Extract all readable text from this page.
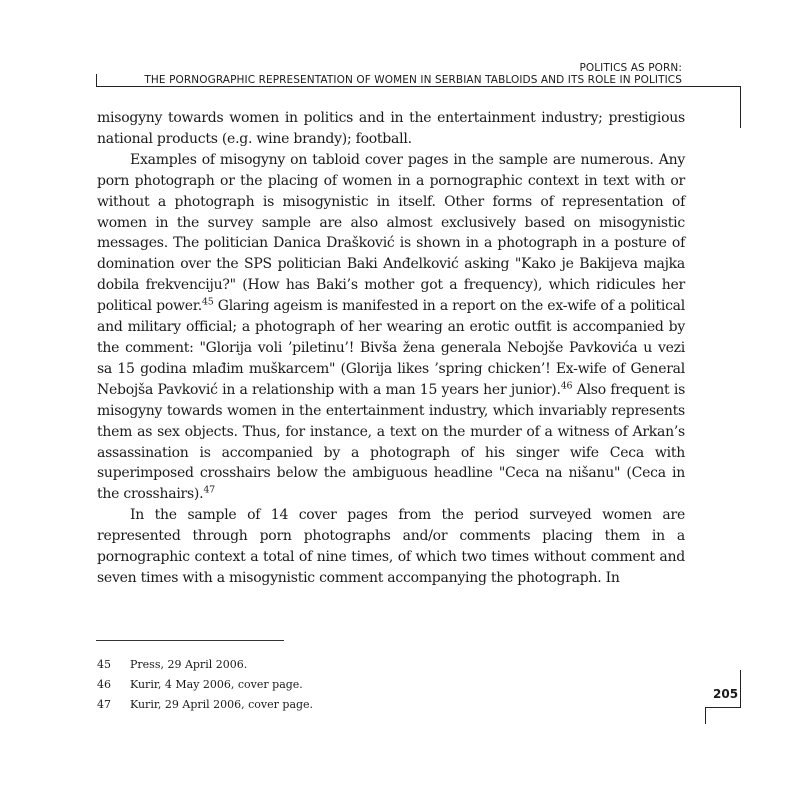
POLITICS AS PORN:
THE PORNOGRAPHIC REPRESENTATION OF WOMEN IN SERBIAN TABLOIDS AND ITS ROLE IN POLITICS

misogyny towards women in politics and in the entertainment industry; prestigious national products (e.g. wine brandy); football.

Examples of misogyny on tabloid cover pages in the sample are numerous. Any porn photograph or the placing of women in a pornographic context in text with or without a photograph is misogynistic in itself. Other forms of representation of women in the survey sample are also almost exclusively based on misogynistic messages. The politician Danica Drašković is shown in a photograph in a posture of domination over the SPS politician Baki Anđelković asking "Kako je Bakijeva majka dobila frekvenciju?" (How has Baki’s mother got a frequency), which ridicules her political power.$^{45}$ Glaring ageism is manifested in a report on the ex-wife of a political and military official; a photograph of her wearing an erotic outfit is accompanied by the comment: "Glorija voli ’piletinu’! Bivša žena generala Nebojše Pavkovića u vezi sa 15 godina mlađim muškarcem" (Glorija likes ’spring chicken’! Ex-wife of General Nebojša Pavković in a relationship with a man 15 years her junior).$^{46}$ Also frequent is misogyny towards women in the entertainment industry, which invariably represents them as sex objects. Thus, for instance, a text on the murder of a witness of Arkan’s assassination is accompanied by a photograph of his singer wife Ceca with superimposed crosshairs below the ambiguous headline "Ceca na nišanu" (Ceca in the crosshairs).$^{47}$

In the sample of 14 cover pages from the period surveyed women are represented through porn photographs and/or comments placing them in a pornographic context a total of nine times, of which two times without comment and seven times with a misogynistic comment accompanying the photograph. In

45	Press, 29 April 2006.
46	Kurir, 4 May 2006, cover page.
47	Kurir, 29 April 2006, cover page.
205
